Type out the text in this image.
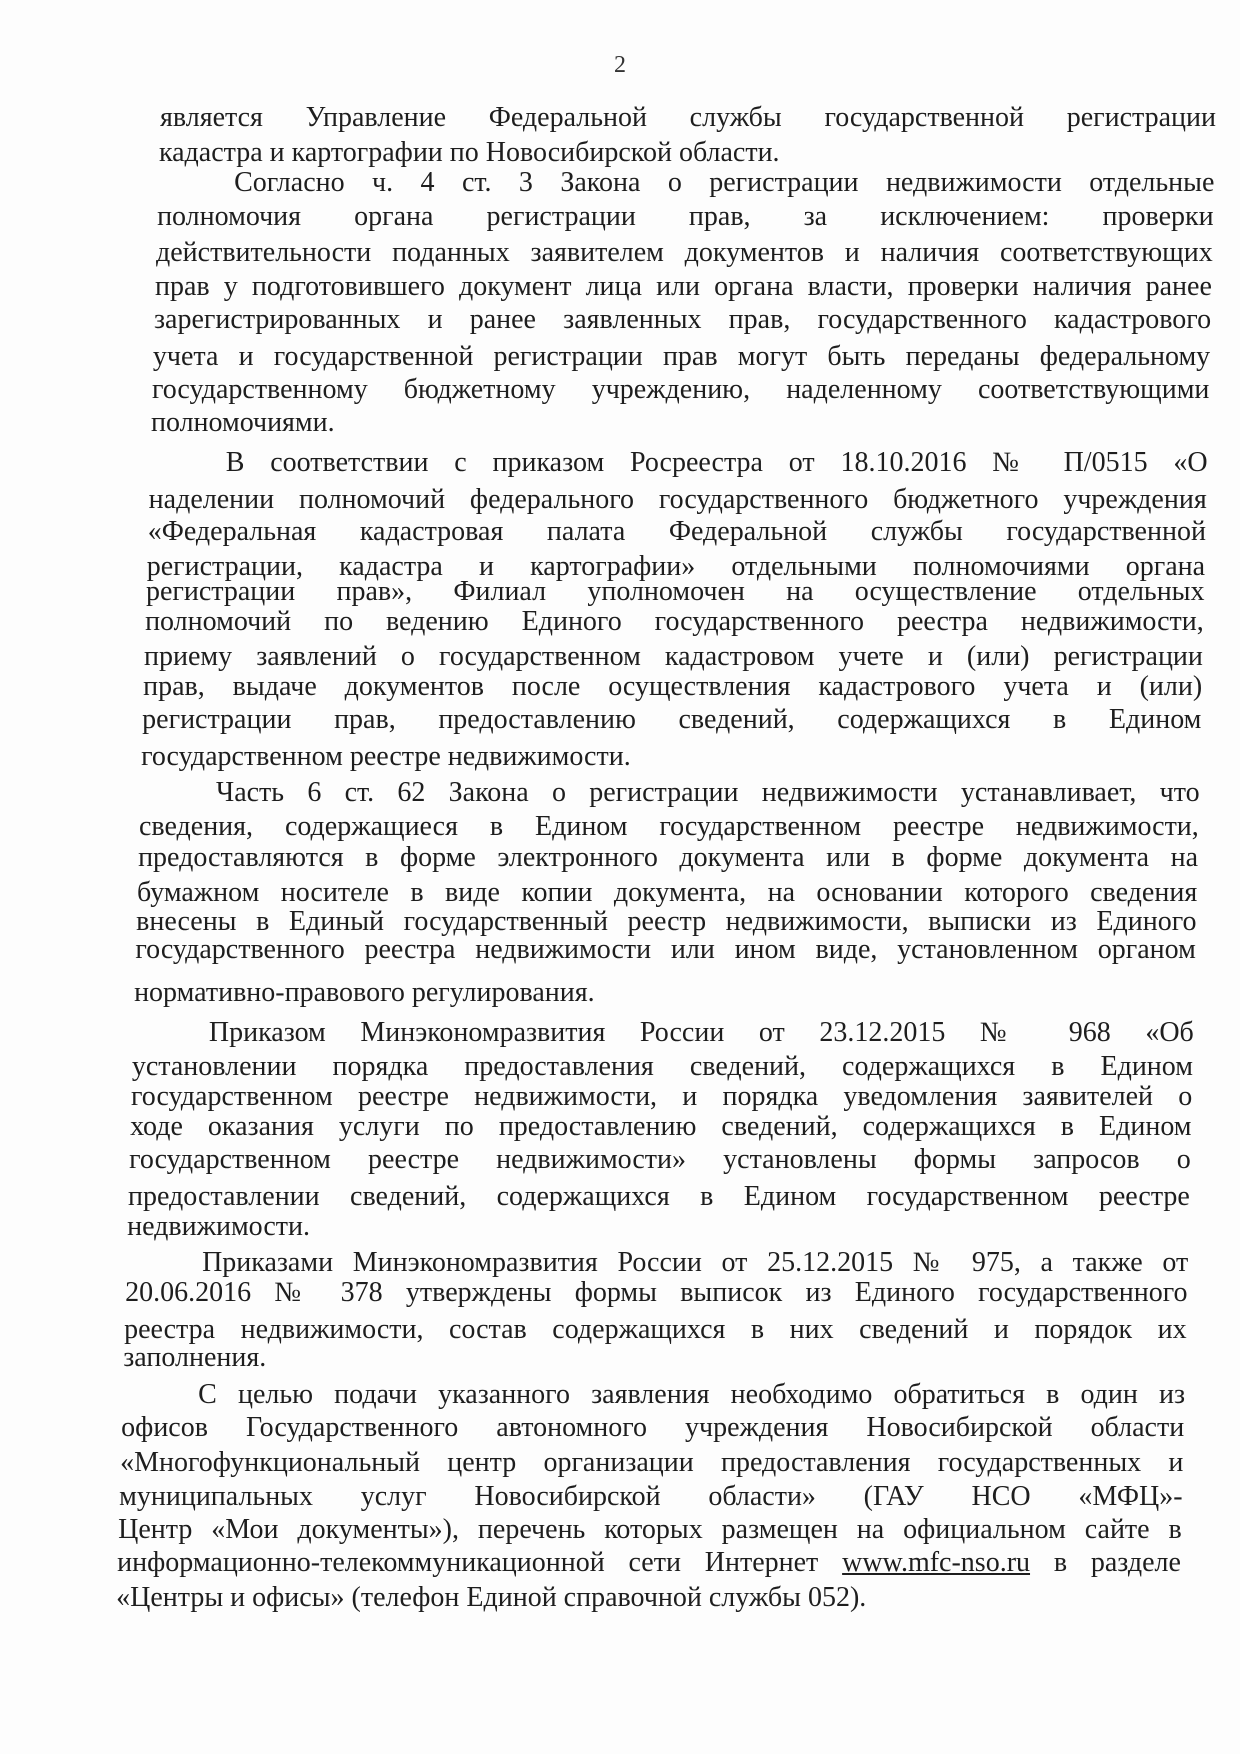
2
является Управление Федеральной службы государственной регистрации
кадастра и картографии по Новосибирской области.
Согласно ч. 4 ст. 3 Закона о регистрации недвижимости отдельные
полномочия органа регистрации прав, за исключением: проверки
действительности поданных заявителем документов и наличия соответствующих
прав у подготовившего документ лица или органа власти, проверки наличия ранее
зарегистрированных и ранее заявленных прав, государственного кадастрового
учета и государственной регистрации прав могут быть переданы федеральному
государственному бюджетному учреждению, наделенному соответствующими
полномочиями.
В соответствии с приказом Росреестра от 18.10.2016 № П/0515 «О
наделении полномочий федерального государственного бюджетного учреждения
«Федеральная кадастровая палата Федеральной службы государственной
регистрации, кадастра и картографии» отдельными полномочиями органа
регистрации прав», Филиал уполномочен на осуществление отдельных
полномочий по ведению Единого государственного реестра недвижимости,
приему заявлений о государственном кадастровом учете и (или) регистрации
прав, выдаче документов после осуществления кадастрового учета и (или)
регистрации прав, предоставлению сведений, содержащихся в Едином
государственном реестре недвижимости.
Часть 6 ст. 62 Закона о регистрации недвижимости устанавливает, что
сведения, содержащиеся в Едином государственном реестре недвижимости,
предоставляются в форме электронного документа или в форме документа на
бумажном носителе в виде копии документа, на основании которого сведения
внесены в Единый государственный реестр недвижимости, выписки из Единого
государственного реестра недвижимости или ином виде, установленном органом
нормативно-правового регулирования.
Приказом Минэкономразвития России от 23.12.2015 № 968 «Об
установлении порядка предоставления сведений, содержащихся в Едином
государственном реестре недвижимости, и порядка уведомления заявителей о
ходе оказания услуги по предоставлению сведений, содержащихся в Едином
государственном реестре недвижимости» установлены формы запросов о
предоставлении сведений, содержащихся в Едином государственном реестре
недвижимости.
Приказами Минэкономразвития России от 25.12.2015 № 975, а также от
20.06.2016 № 378 утверждены формы выписок из Единого государственного
реестра недвижимости, состав содержащихся в них сведений и порядок их
заполнения.
С целью подачи указанного заявления необходимо обратиться в один из
офисов Государственного автономного учреждения Новосибирской области
«Многофункциональный центр организации предоставления государственных и
муниципальных услуг Новосибирской области» (ГАУ НСО «МФЦ»-
Центр «Мои документы»), перечень которых размещен на официальном сайте в
информационно-телекоммуникационной сети Интернет www.mfc-nso.ru в разделе
«Центры и офисы» (телефон Единой справочной службы 052).
